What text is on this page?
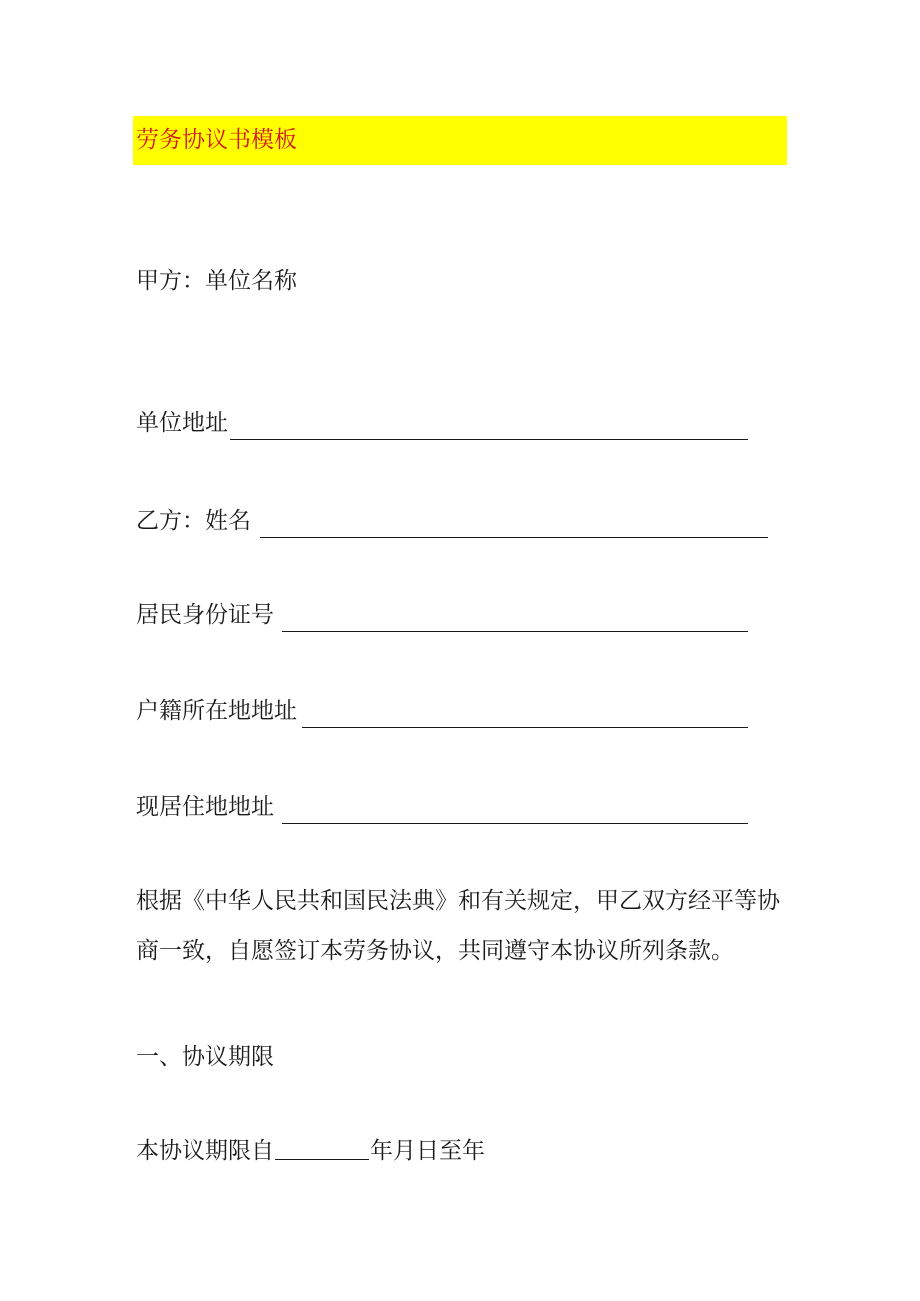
劳务协议书模板
甲方：单位名称
单位地址
乙方：姓名
居民身份证号
户籍所在地地址
现居住地地址
根据《中华人民共和国民法典》和有关规定，甲乙双方经平等协
商一致，自愿签订本劳务协议，共同遵守本协议所列条款。
一、协议期限
本协议期限自	年月日至年
